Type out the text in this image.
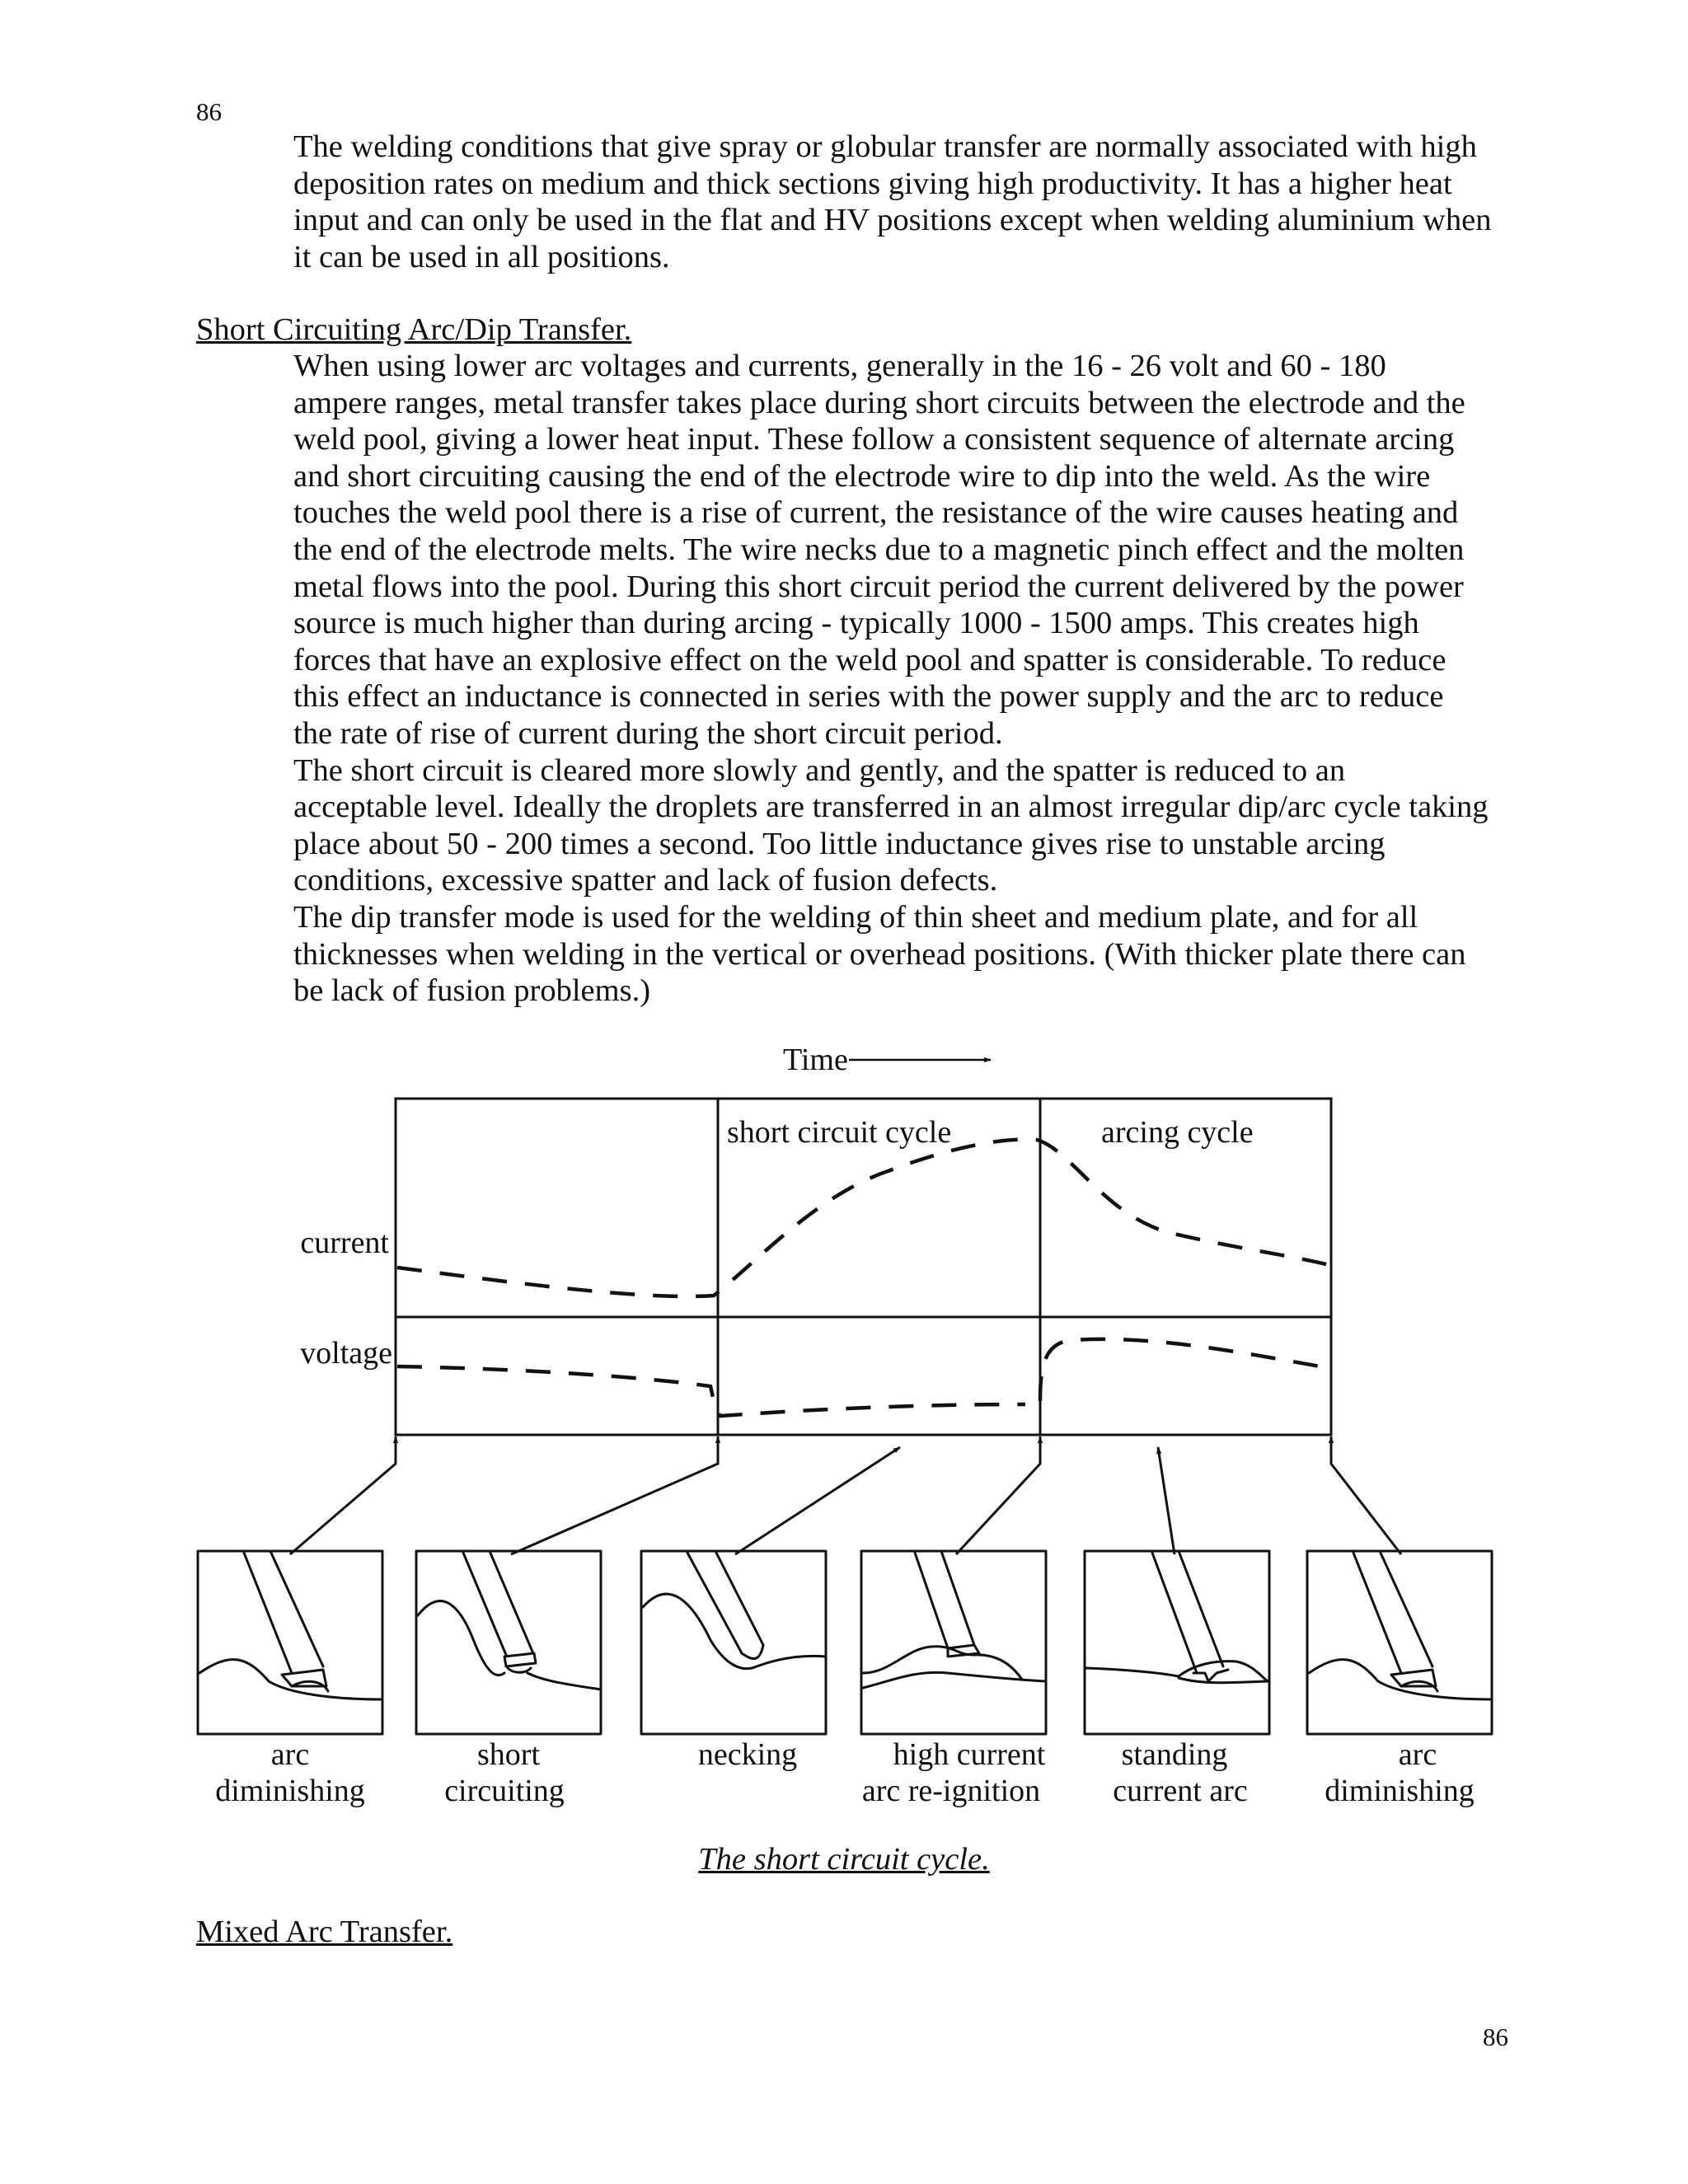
86
The welding conditions that give spray or globular transfer are normally associated with high
deposition rates on medium and thick sections giving high productivity. It has a higher heat
input and can only be used in the flat and HV positions except when welding aluminium when
it can be used in all positions.
Short Circuiting Arc/Dip Transfer.
When using lower arc voltages and currents, generally in the 16 - 26 volt and 60 - 180
ampere ranges, metal transfer takes place during short circuits between the electrode and the
weld pool, giving a lower heat input. These follow a consistent sequence of alternate arcing
and short circuiting causing the end of the electrode wire to dip into the weld. As the wire
touches the weld pool there is a rise of current, the resistance of the wire causes heating and
the end of the electrode melts. The wire necks due to a magnetic pinch effect and the molten
metal flows into the pool. During this short circuit period the current delivered by the power
source is much higher than during arcing - typically 1000 - 1500 amps. This creates high
forces that have an explosive effect on the weld pool and spatter is considerable. To reduce
this effect an inductance is connected in series with the power supply and the arc to reduce
the rate of rise of current during the short circuit period.
The short circuit is cleared more slowly and gently, and the spatter is reduced to an
acceptable level. Ideally the droplets are transferred in an almost irregular dip/arc cycle taking
place about 50 - 200 times a second. Too little inductance gives rise to unstable arcing
conditions, excessive spatter and lack of fusion defects.
The dip transfer mode is used for the welding of thin sheet and medium plate, and for all
thicknesses when welding in the vertical or overhead positions. (With thicker plate there can
be lack of fusion problems.)
Time
short circuit cycle	arcing cycle
current
voltage
arc
diminishing
short
circuiting
necking	high current
arc re-ignition
standing
current arc
arc
diminishing

The short circuit cycle.

Mixed Arc Transfer.
86
